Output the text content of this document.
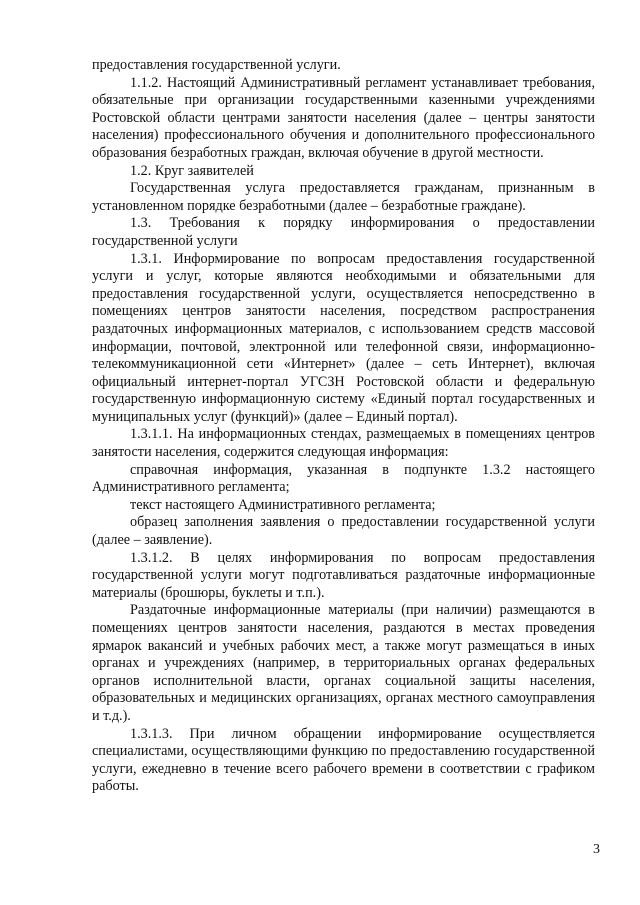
предоставления государственной услуги.

1.1.2. Настоящий Административный регламент устанавливает требования, обязательные при организации государственными казенными учреждениями Ростовской области центрами занятости населения (далее – центры занятости населения) профессионального обучения и дополнительного профессионального образования безработных граждан, включая обучение в другой местности.

1.2. Круг заявителей

Государственная услуга предоставляется гражданам, признанным в установленном порядке безработными (далее – безработные граждане).

1.3. Требования к порядку информирования о предоставлении государственной услуги

1.3.1. Информирование по вопросам предоставления государственной услуги и услуг, которые являются необходимыми и обязательными для предоставления государственной услуги, осуществляется непосредственно в помещениях центров занятости населения, посредством распространения раздаточных информационных материалов, с использованием средств массовой информации, почтовой, электронной или телефонной связи, информационно-телекоммуникационной сети «Интернет» (далее – сеть Интернет), включая официальный интернет-портал УГСЗН Ростовской области и федеральную государственную информационную систему «Единый портал государственных и муниципальных услуг (функций)» (далее – Единый портал).

1.3.1.1. На информационных стендах, размещаемых в помещениях центров занятости населения, содержится следующая информация:

справочная информация, указанная в подпункте 1.3.2 настоящего Административного регламента;

текст настоящего Административного регламента;

образец заполнения заявления о предоставлении государственной услуги (далее – заявление).

1.3.1.2. В целях информирования по вопросам предоставления государственной услуги могут подготавливаться раздаточные информационные материалы (брошюры, буклеты и т.п.).

Раздаточные информационные материалы (при наличии) размещаются в помещениях центров занятости населения, раздаются в местах проведения ярмарок вакансий и учебных рабочих мест, а также могут размещаться в иных органах и учреждениях (например, в территориальных органах федеральных органов исполнительной власти, органах социальной защиты населения, образовательных и медицинских организациях, органах местного самоуправления и т.д.).

1.3.1.3. При личном обращении информирование осуществляется специалистами, осуществляющими функцию по предоставлению государственной услуги, ежедневно в течение всего рабочего времени в соответствии с графиком работы.

3
